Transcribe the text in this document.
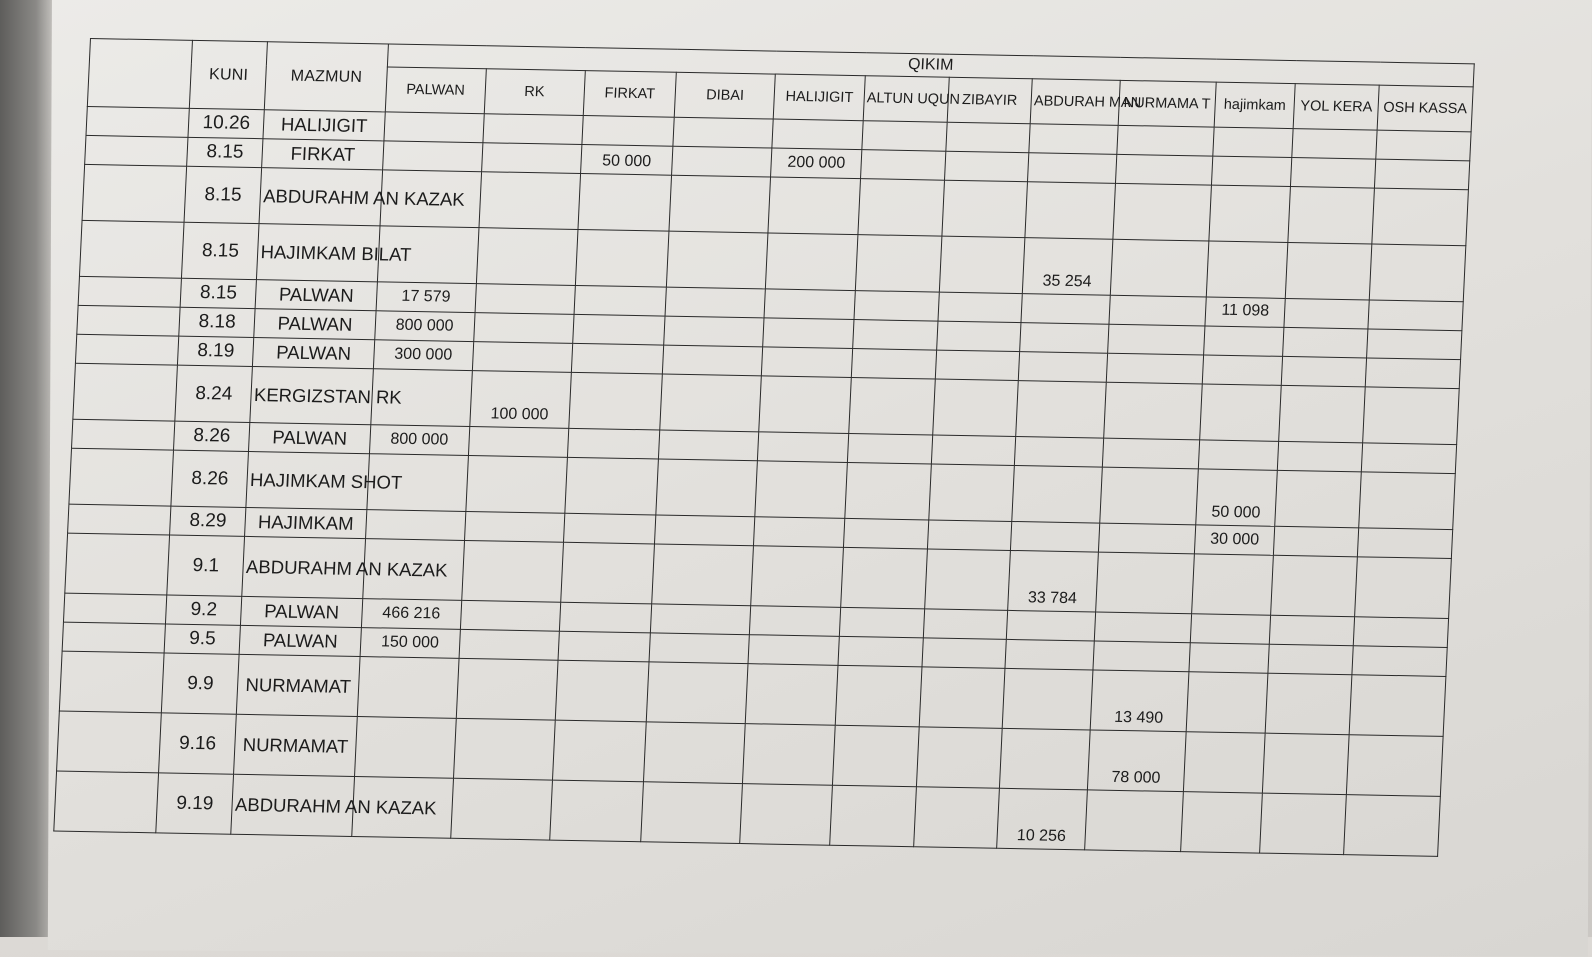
	KUNI	MAZMUN	QIKIM											
			PALWAN	RK	FIRKAT	DIBAI	HALIJIGIT	ALTUN UQUN	ZIBAYIR	ABDURAH MAN	NURMAMA T	hajimkam	YOL KERA	OSH KASSA
	10.26	HALIJIGIT												
	8.15	FIRKAT			50 000		200 000							
	8.15	ABDURAHM AN KAZAK												
	8.15	HAJIMKAM BILAT								35 254				
	8.15	PALWAN	17 579									11 098		
	8.18	PALWAN	800 000											
	8.19	PALWAN	300 000											
	8.24	KERGIZSTAN RK		100 000										
	8.26	PALWAN	800 000											
	8.26	HAJIMKAM SHOT										50 000		
	8.29	HAJIMKAM										30 000		
	9.1	ABDURAHM AN KAZAK								33 784				
	9.2	PALWAN	466 216											
	9.5	PALWAN	150 000											
	9.9	NURMAMAT									13 490			
	9.16	NURMAMAT									78 000			
	9.19	ABDURAHM AN KAZAK								10 256				
